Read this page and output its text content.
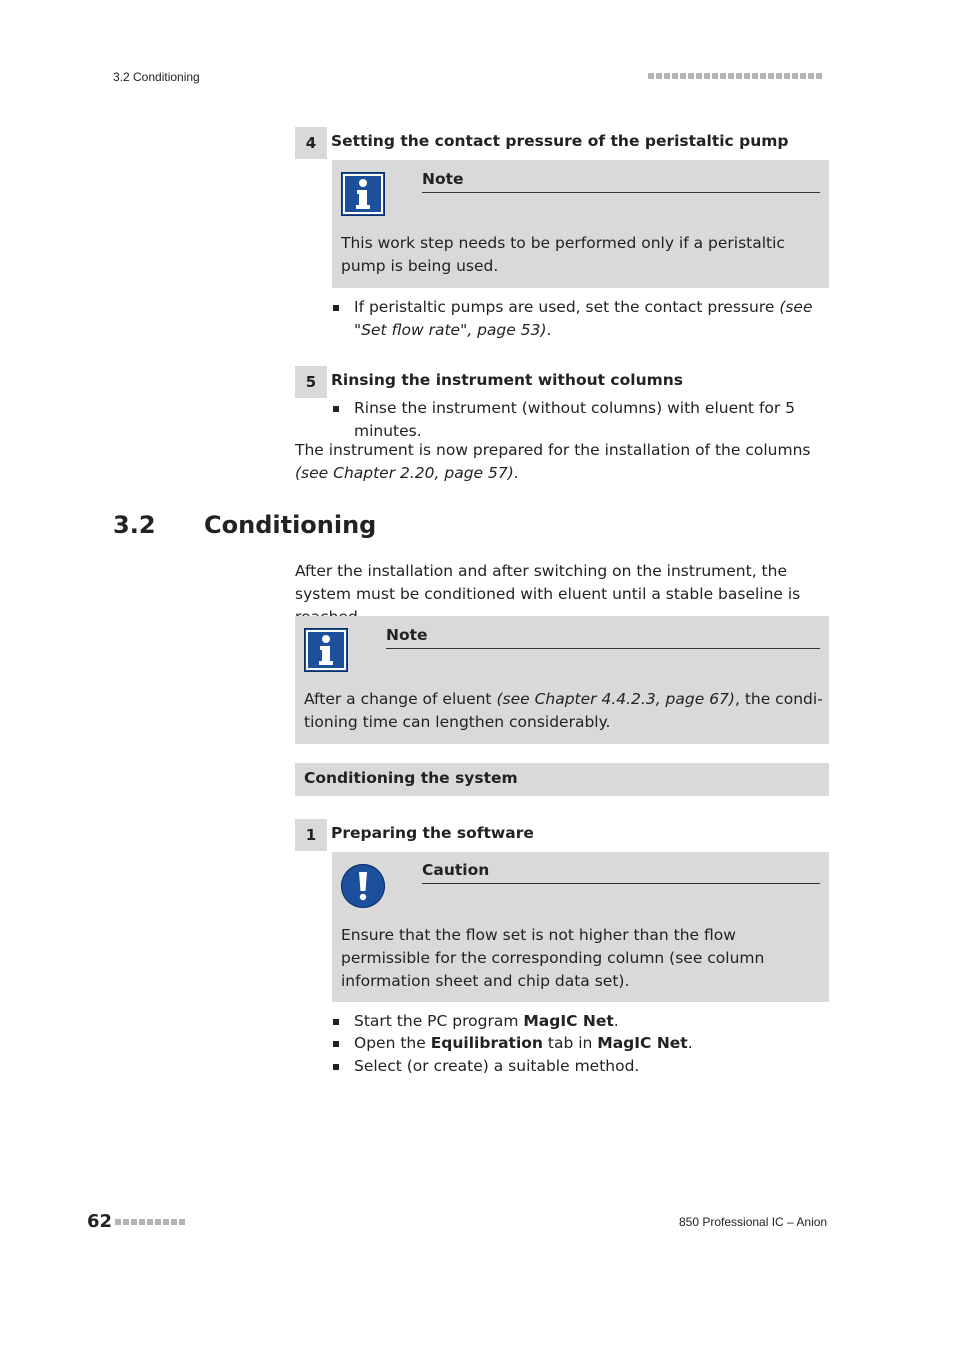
3.2 Conditioning
4 Setting the contact pressure of the peristaltic pump
Note
This work step needs to be performed only if a peristaltic pump is being used.
If peristaltic pumps are used, set the contact pressure (see "Set flow rate", page 53).
5 Rinsing the instrument without columns
Rinse the instrument (without columns) with eluent for 5 minutes.
The instrument is now prepared for the installation of the columns (see Chapter 2.20, page 57).
3.2 Conditioning
After the installation and after switching on the instrument, the system must be conditioned with eluent until a stable baseline is
Note
After a change of eluent (see Chapter 4.4.2.3, page 67), the condi-
tioning time can lengthen considerably.
Conditioning the system
1 Preparing the software
Caution
Ensure that the flow set is not higher than the flow permissible for the corresponding column (see column information sheet and chip data set).
Start the PC program MagIC Net.
Open the Equilibration tab in MagIC Net.
Select (or create) a suitable method.
62	850 Professional IC – Anion
